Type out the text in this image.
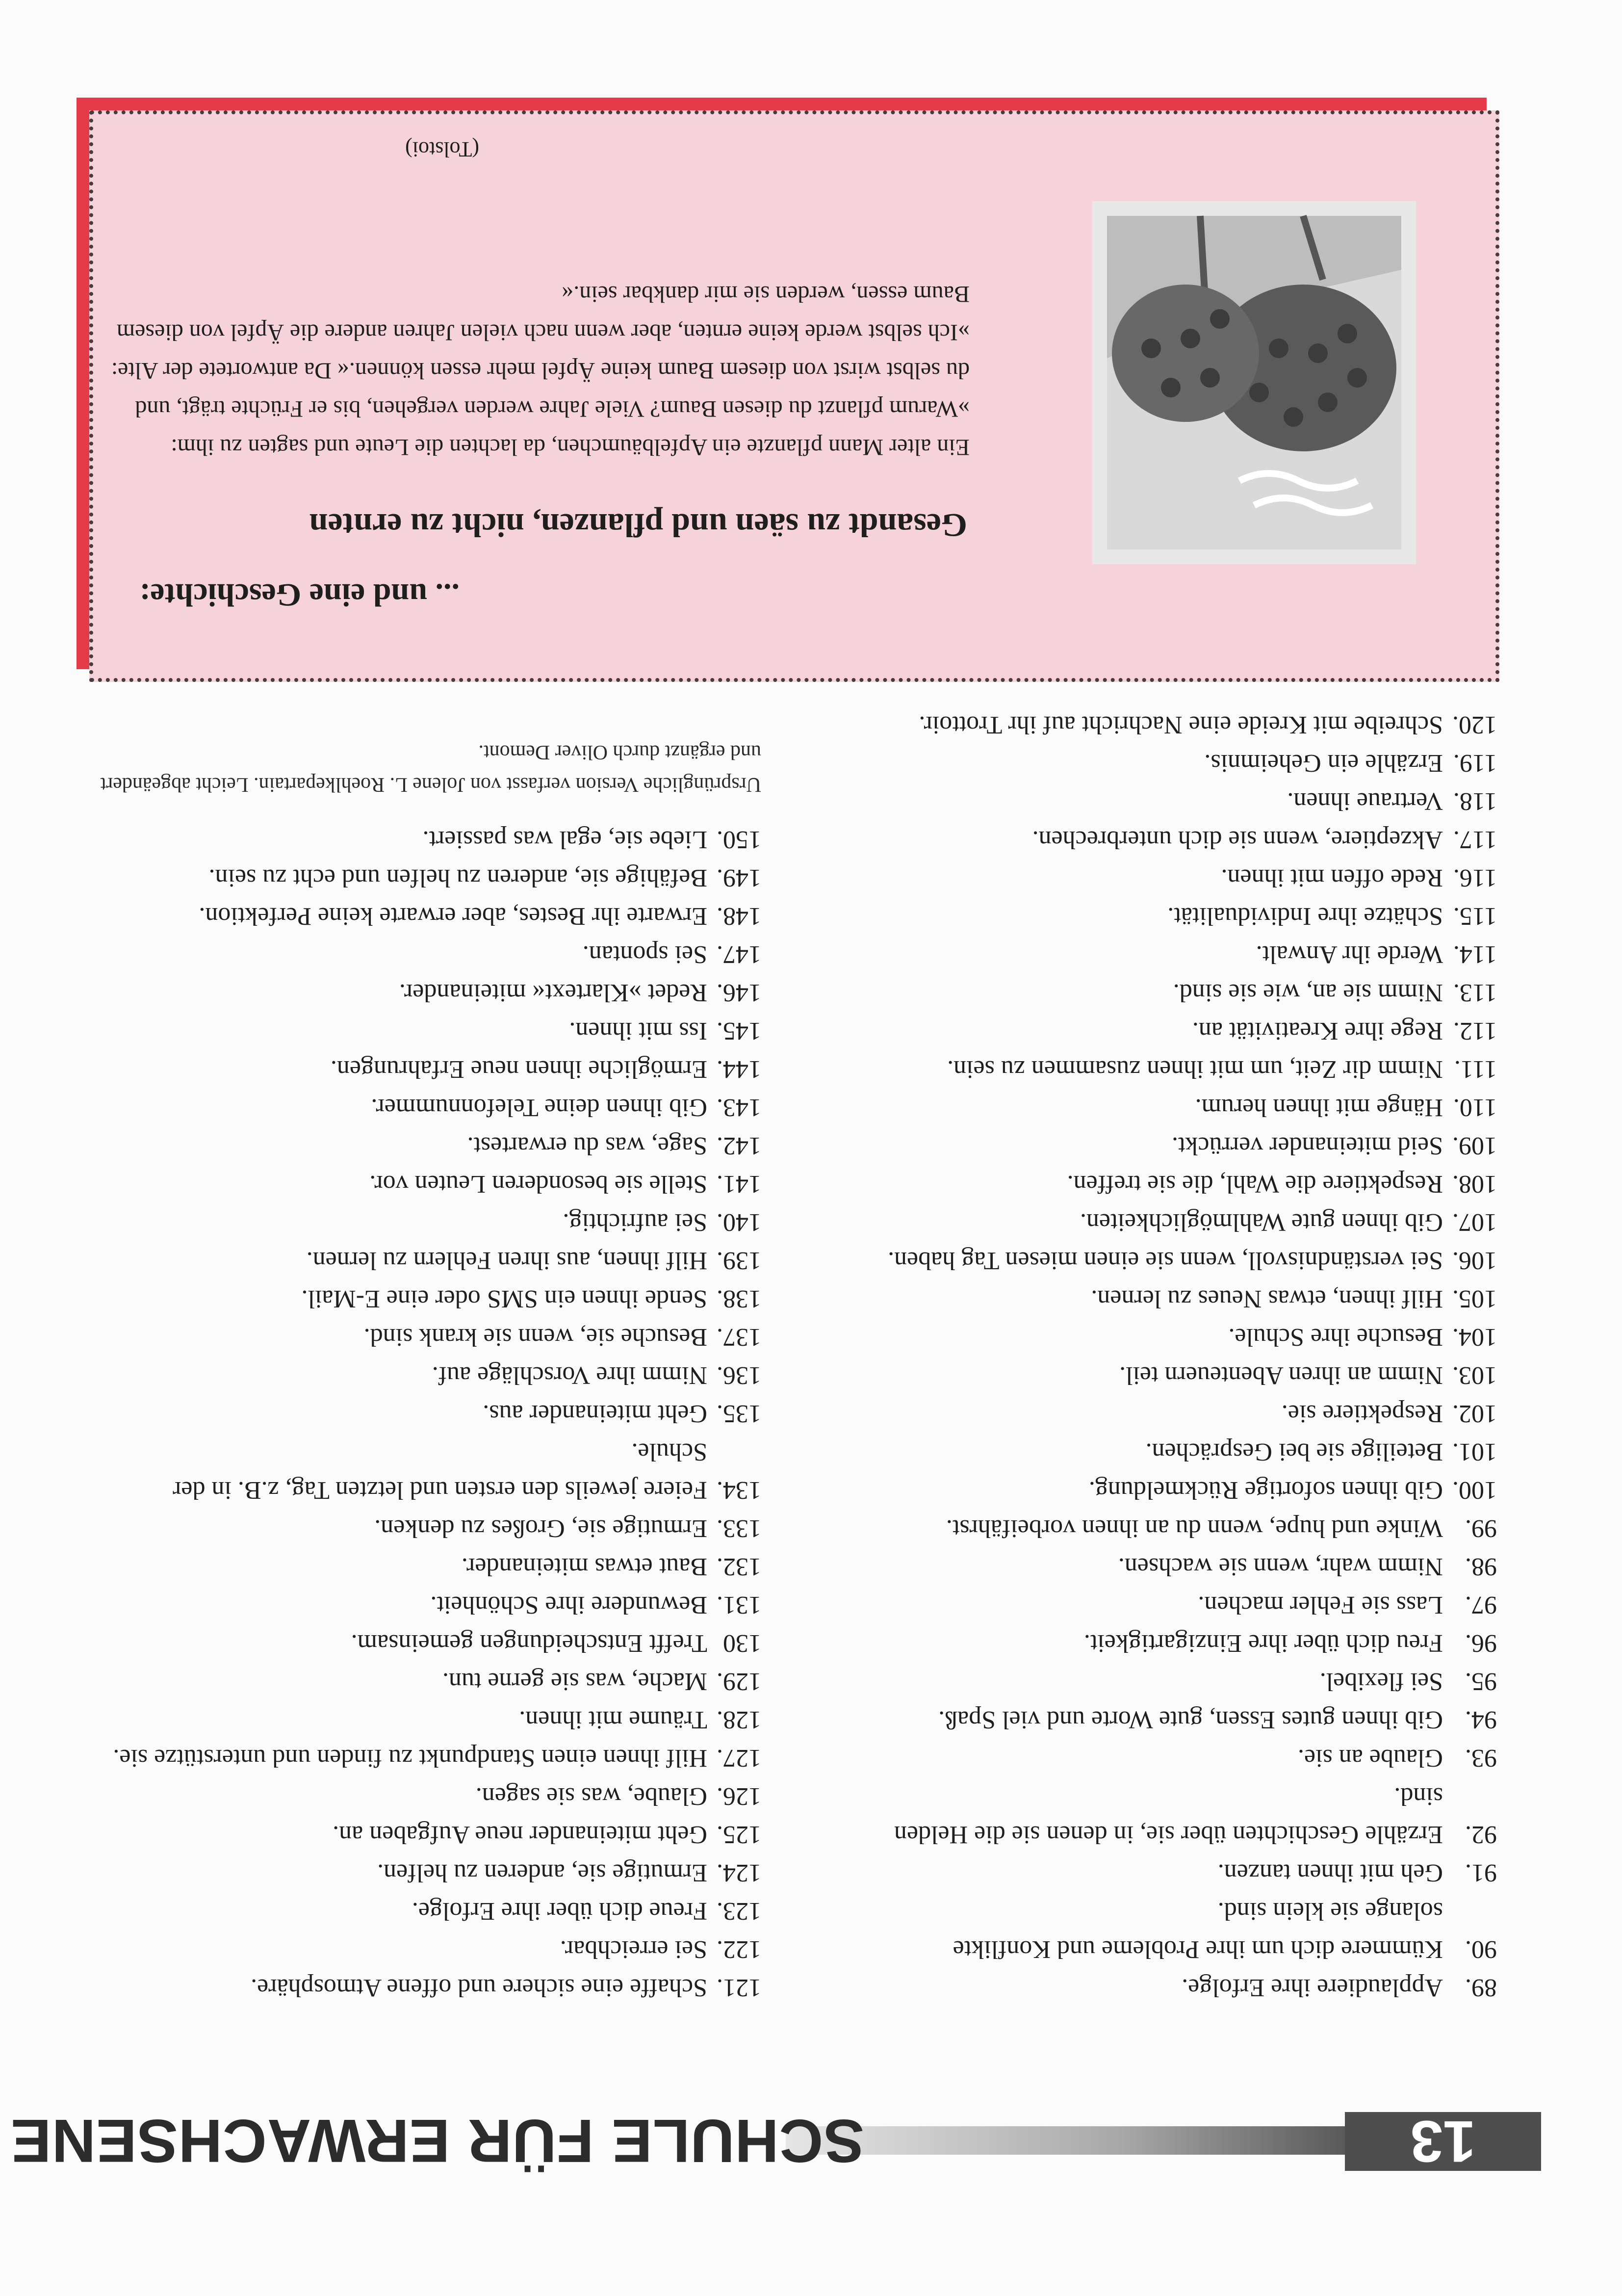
13
SCHULE FÜR ERWACHSENE
89.
Applaudiere ihre Erfolge.
90.
Kümmere dich um ihre Probleme und Konflikte solange sie klein sind.
91.
Geh mit ihnen tanzen.
92.
Erzähle Geschichten über sie, in denen sie die Helden sind.
93.
Glaube an sie.
94.
Gib ihnen gutes Essen, gute Worte und viel Spaß.
95.
Sei flexibel.
96.
Freu dich über ihre Einzigartigkeit.
97.
Lass sie Fehler machen.
98.
Nimm wahr, wenn sie wachsen.
99.
Winke und hupe, wenn du an ihnen vorbeifährst.
100.
Gib ihnen sofortige Rückmeldung.
101.
Beteilige sie bei Gesprächen.
102.
Respektiere sie.
103.
Nimm an ihren Abenteuern teil.
104.
Besuche ihre Schule.
105.
Hilf ihnen, etwas Neues zu lernen.
106.
Sei verständnisvoll, wenn sie einen miesen Tag haben.
107.
Gib ihnen gute Wahlmöglichkeiten.
108.
Respektiere die Wahl, die sie treffen.
109.
Seid miteinander verrückt.
110.
Hänge mit ihnen herum.
111.
Nimm dir Zeit, um mit ihnen zusammen zu sein.
112.
Rege ihre Kreativität an.
113.
Nimm sie an, wie sie sind.
114.
Werde ihr Anwalt.
115.
Schätze ihre Individualität.
116.
Rede offen mit ihnen.
117.
Akzeptiere, wenn sie dich unterbrechen.
118.
Vertraue ihnen.
119.
Erzähle ein Geheimnis.
120.
Schreibe mit Kreide eine Nachricht auf ihr Trottoir.
121.
Schaffe eine sichere und offene Atmosphäre.
122.
Sei erreichbar.
123.
Freue dich über ihre Erfolge.
124.
Ermutige sie, anderen zu helfen.
125.
Geht miteinander neue Aufgaben an.
126.
Glaube, was sie sagen.
127.
Hilf ihnen einen Standpunkt zu finden und unterstütze sie.
128.
Träume mit ihnen.
129.
Mache, was sie gerne tun.
130
Trefft Entscheidungen gemeinsam.
131.
Bewundere ihre Schönheit.
132.
Baut etwas miteinander.
133.
Ermutige sie, Großes zu denken.
134.
Feiere jeweils den ersten und letzten Tag, z.B. in der Schule.
135.
Geht miteinander aus.
136.
Nimm ihre Vorschläge auf.
137.
Besuche sie, wenn sie krank sind.
138.
Sende ihnen ein SMS oder eine E-Mail.
139.
Hilf ihnen, aus ihren Fehlern zu lernen.
140.
Sei aufrichtig.
141.
Stelle sie besonderen Leuten vor.
142.
Sage, was du erwartest.
143.
Gib ihnen deine Telefonnummer.
144.
Ermögliche ihnen neue Erfahrungen.
145.
Iss mit ihnen.
146.
Redet »Klartext« miteinander.
147.
Sei spontan.
148.
Erwarte ihr Bestes, aber erwarte keine Perfektion.
149.
Befähige sie, anderen zu helfen und echt zu sein.
150.
Liebe sie, egal was passiert.
Ursprüngliche Version verfasst von Jolene L. Roehlkepartain. Leicht abgeändert und ergänzt durch Oliver Demont.
... und eine Geschichte:
Gesandt zu säen und pflanzen, nicht zu ernten
Ein alter Mann pflanzte ein Apfelbäumchen, da lachten die Leute und sagten zu ihm: »Warum pflanzt du diesen Baum? Viele Jahre werden vergehen, bis er Früchte trägt, und du selbst wirst von diesem Baum keine Äpfel mehr essen können.« Da antwortete der Alte: »Ich selbst werde keine ernten, aber wenn nach vielen Jahren andere die Äpfel von diesem Baum essen, werden sie mir dankbar sein.«
(Tolstoi)
